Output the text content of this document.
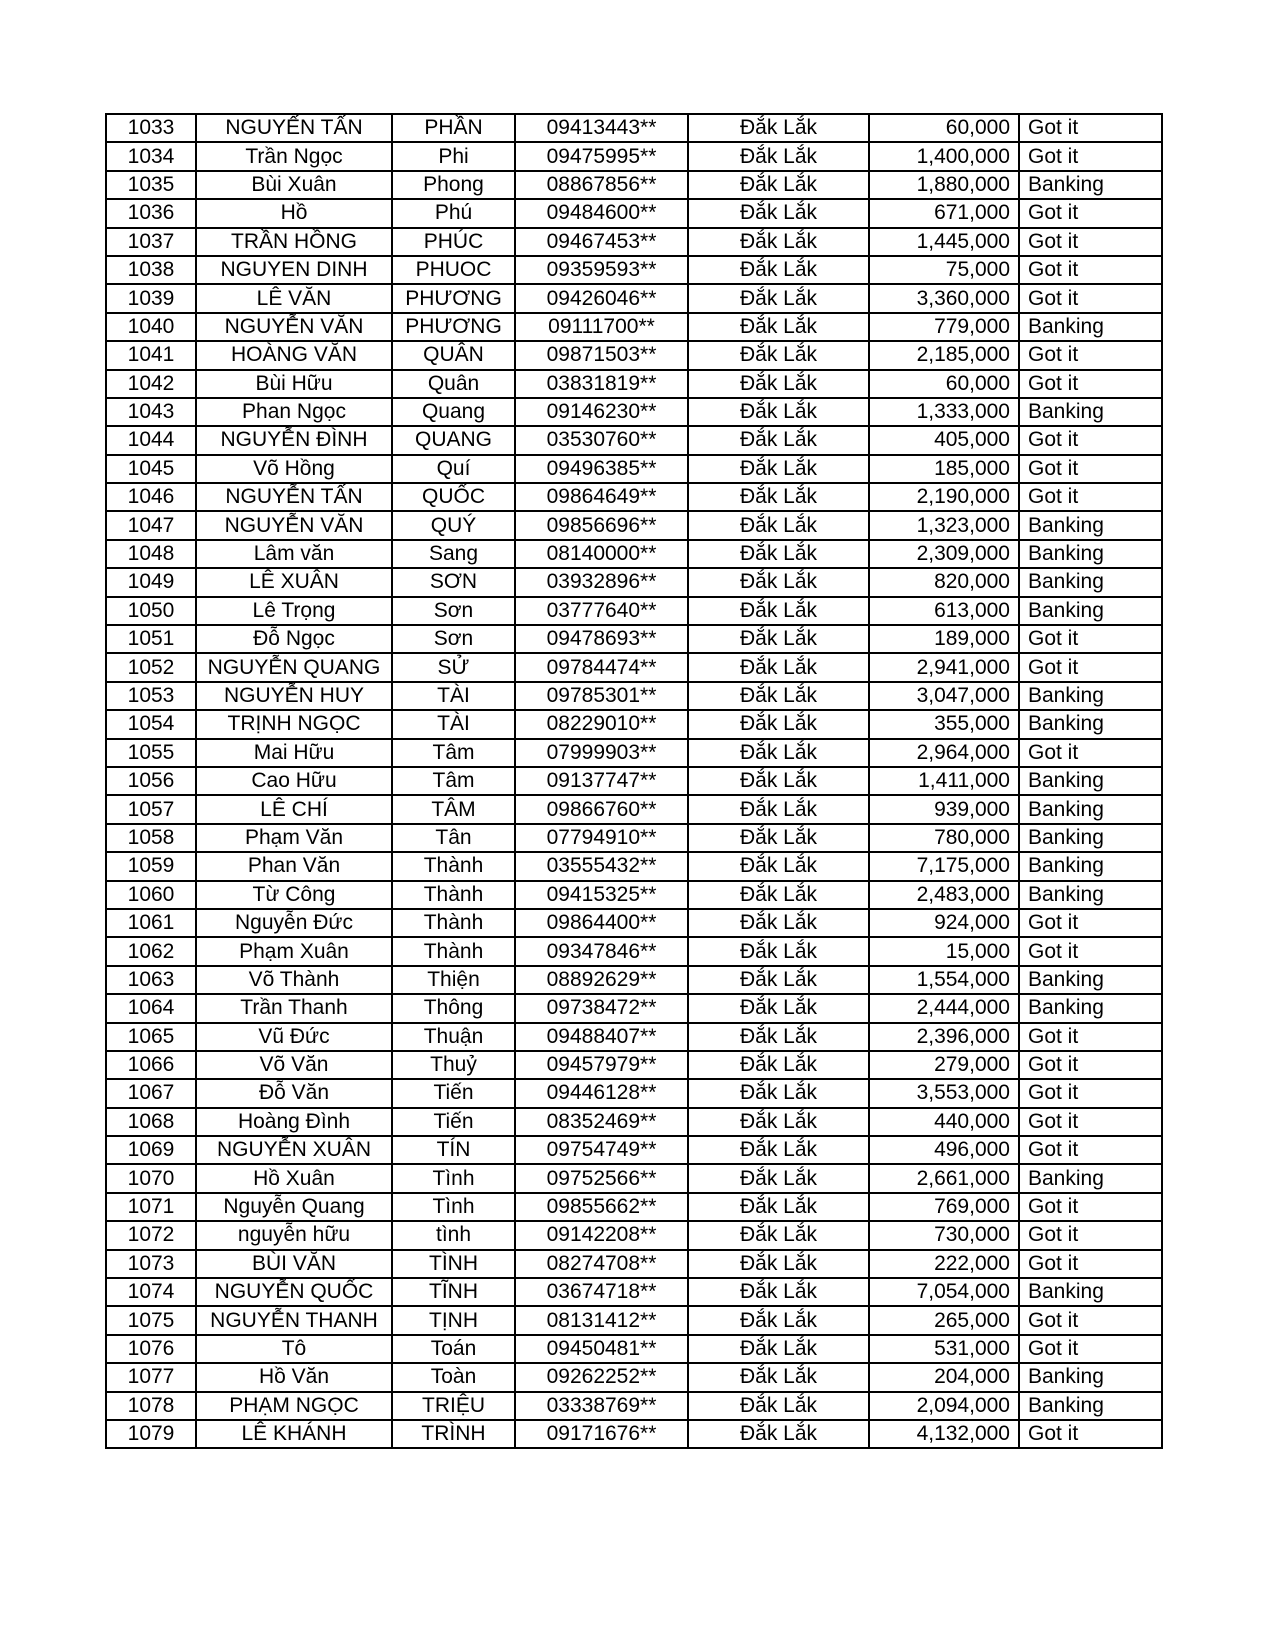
1033	NGUYẾN TẤN	PHẦN	09413443**	Đắk Lắk	60,000	Got it
1034	Trần Ngọc	Phi	09475995**	Đắk Lắk	1,400,000	Got it
1035	Bùi Xuân	Phong	08867856**	Đắk Lắk	1,880,000	Banking
1036	Hồ	Phú	09484600**	Đắk Lắk	671,000	Got it
1037	TRẦN HỒNG	PHÚC	09467453**	Đắk Lắk	1,445,000	Got it
1038	NGUYEN DINH	PHUOC	09359593**	Đắk Lắk	75,000	Got it
1039	LÊ VĂN	PHƯƠNG	09426046**	Đắk Lắk	3,360,000	Got it
1040	NGUYỄN VĂN	PHƯƠNG	09111700**	Đắk Lắk	779,000	Banking
1041	HOÀNG VĂN	QUÂN	09871503**	Đắk Lắk	2,185,000	Got it
1042	Bùi Hữu	Quân	03831819**	Đắk Lắk	60,000	Got it
1043	Phan Ngọc	Quang	09146230**	Đắk Lắk	1,333,000	Banking
1044	NGUYỄN ĐÌNH	QUANG	03530760**	Đắk Lắk	405,000	Got it
1045	Võ Hồng	Quí	09496385**	Đắk Lắk	185,000	Got it
1046	NGUYỄN TẤN	QUỐC	09864649**	Đắk Lắk	2,190,000	Got it
1047	NGUYỄN VĂN	QUÝ	09856696**	Đắk Lắk	1,323,000	Banking
1048	Lâm văn	Sang	08140000**	Đắk Lắk	2,309,000	Banking
1049	LÊ XUÂN	SƠN	03932896**	Đắk Lắk	820,000	Banking
1050	Lê Trọng	Sơn	03777640**	Đắk Lắk	613,000	Banking
1051	Đỗ Ngọc	Sơn	09478693**	Đắk Lắk	189,000	Got it
1052	NGUYỄN QUANG	SỬ	09784474**	Đắk Lắk	2,941,000	Got it
1053	NGUYỄN HUY	TÀI	09785301**	Đắk Lắk	3,047,000	Banking
1054	TRỊNH NGỌC	TÀI	08229010**	Đắk Lắk	355,000	Banking
1055	Mai Hữu	Tâm	07999903**	Đắk Lắk	2,964,000	Got it
1056	Cao Hữu	Tâm	09137747**	Đắk Lắk	1,411,000	Banking
1057	LÊ CHÍ	TÂM	09866760**	Đắk Lắk	939,000	Banking
1058	Phạm Văn	Tân	07794910**	Đắk Lắk	780,000	Banking
1059	Phan Văn	Thành	03555432**	Đắk Lắk	7,175,000	Banking
1060	Từ Công	Thành	09415325**	Đắk Lắk	2,483,000	Banking
1061	Nguyễn Đức	Thành	09864400**	Đắk Lắk	924,000	Got it
1062	Phạm Xuân	Thành	09347846**	Đắk Lắk	15,000	Got it
1063	Võ Thành	Thiện	08892629**	Đắk Lắk	1,554,000	Banking
1064	Trần Thanh	Thông	09738472**	Đắk Lắk	2,444,000	Banking
1065	Vũ Đức	Thuận	09488407**	Đắk Lắk	2,396,000	Got it
1066	Võ Văn	Thuỷ	09457979**	Đắk Lắk	279,000	Got it
1067	Đỗ Văn	Tiến	09446128**	Đắk Lắk	3,553,000	Got it
1068	Hoàng Đình	Tiến	08352469**	Đắk Lắk	440,000	Got it
1069	NGUYỄN XUÂN	TÍN	09754749**	Đắk Lắk	496,000	Got it
1070	Hồ Xuân	Tình	09752566**	Đắk Lắk	2,661,000	Banking
1071	Nguyễn Quang	Tình	09855662**	Đắk Lắk	769,000	Got it
1072	nguyễn hữu	tình	09142208**	Đắk Lắk	730,000	Got it
1073	BÙI VĂN	TÌNH	08274708**	Đắk Lắk	222,000	Got it
1074	NGUYỄN QUỐC	TĨNH	03674718**	Đắk Lắk	7,054,000	Banking
1075	NGUYỄN THANH	TỊNH	08131412**	Đắk Lắk	265,000	Got it
1076	Tô	Toán	09450481**	Đắk Lắk	531,000	Got it
1077	Hồ Văn	Toàn	09262252**	Đắk Lắk	204,000	Banking
1078	PHẠM NGỌC	TRIỆU	03338769**	Đắk Lắk	2,094,000	Banking
1079	LÊ KHÁNH	TRÌNH	09171676**	Đắk Lắk	4,132,000	Got it
